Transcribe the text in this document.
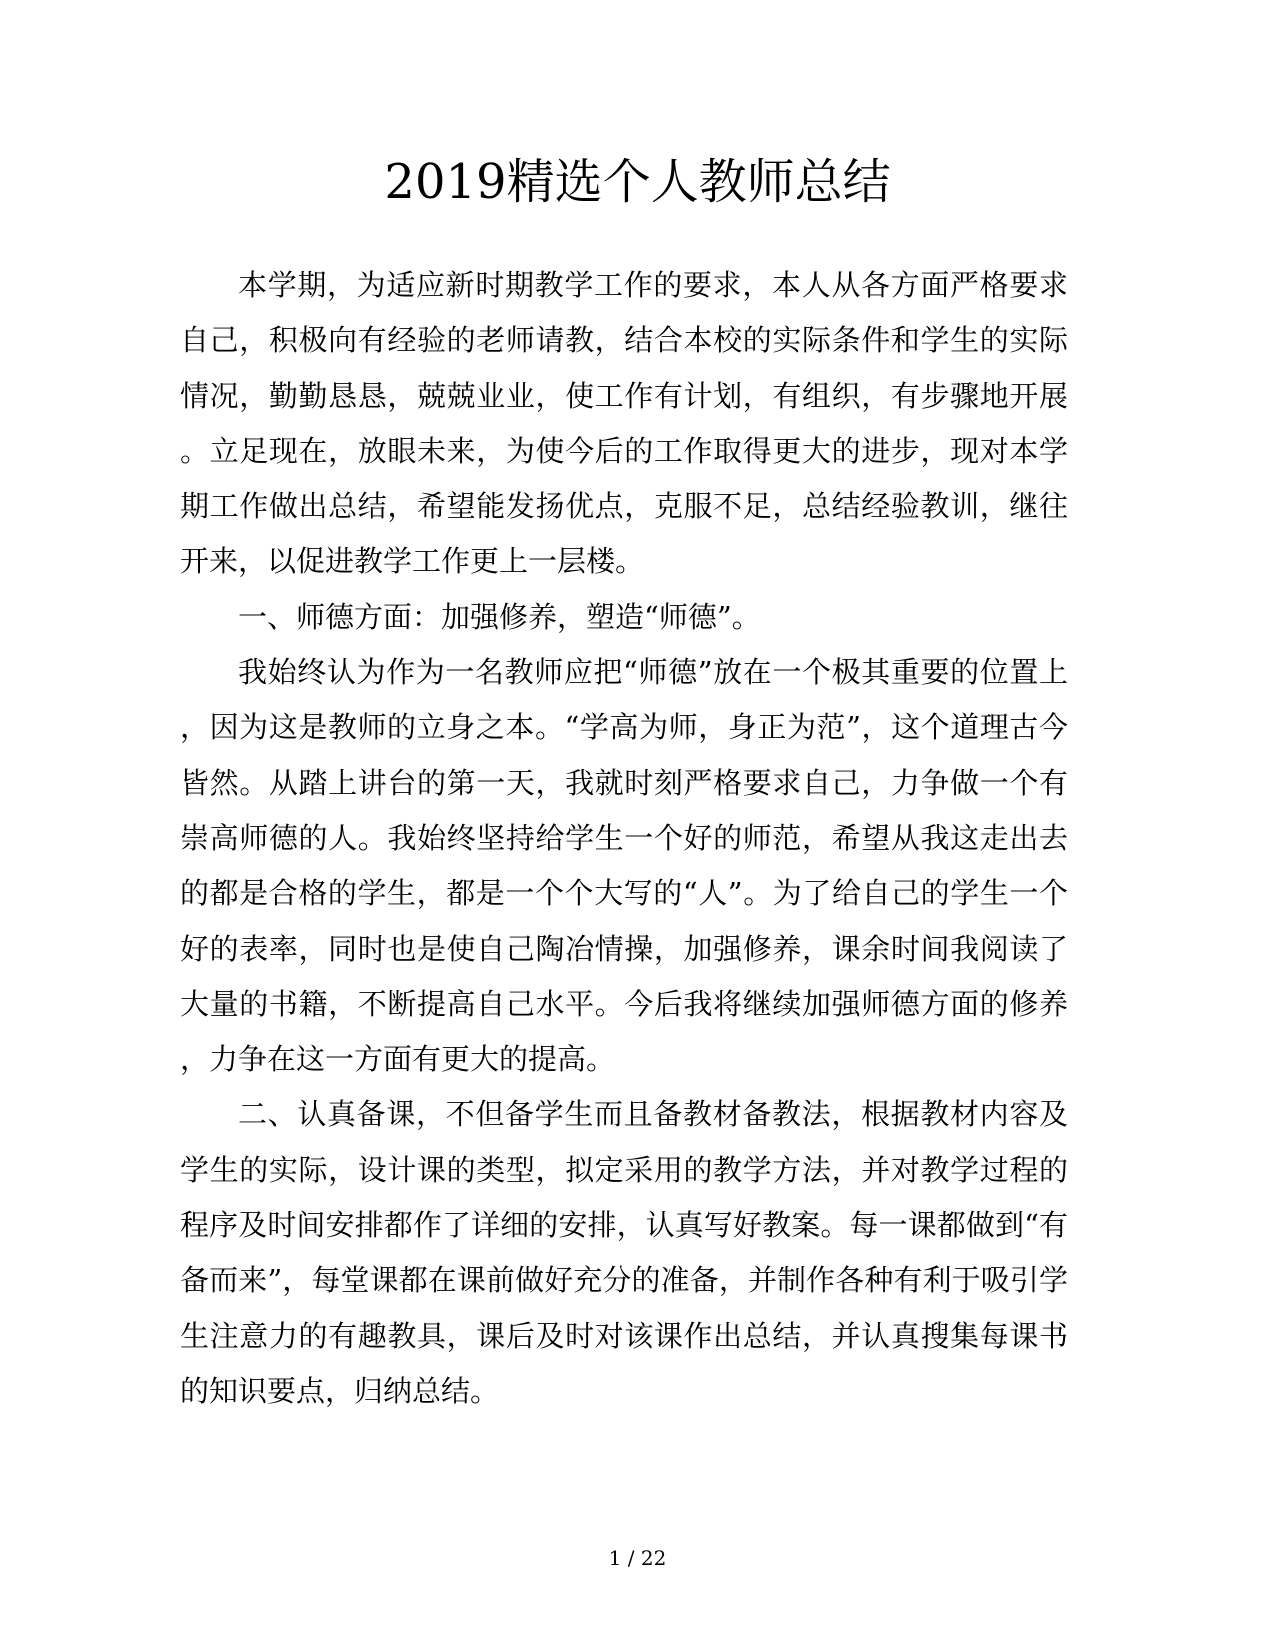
2019精选个人教师总结

本学期，为适应新时期教学工作的要求，本人从各方面严格要求自己，积极向有经验的老师请教，结合本校的实际条件和学生的实际情况，勤勤恳恳，兢兢业业，使工作有计划，有组织，有步骤地开展。立足现在，放眼未来，为使今后的工作取得更大的进步，现对本学期工作做出总结，希望能发扬优点，克服不足，总结经验教训，继往开来，以促进教学工作更上一层楼。

一、师德方面：加强修养，塑造“师德”。

我始终认为作为一名教师应把“师德”放在一个极其重要的位置上，因为这是教师的立身之本。“学高为师，身正为范”，这个道理古今皆然。从踏上讲台的第一天，我就时刻严格要求自己，力争做一个有崇高师德的人。我始终坚持给学生一个好的师范，希望从我这走出去的都是合格的学生，都是一个个大写的“人”。为了给自己的学生一个好的表率，同时也是使自己陶冶情操，加强修养，课余时间我阅读了大量的书籍，不断提高自己水平。今后我将继续加强师德方面的修养，力争在这一方面有更大的提高。

二、认真备课，不但备学生而且备教材备教法，根据教材内容及学生的实际，设计课的类型，拟定采用的教学方法，并对教学过程的程序及时间安排都作了详细的安排，认真写好教案。每一课都做到“有备而来”，每堂课都在课前做好充分的准备，并制作各种有利于吸引学生注意力的有趣教具，课后及时对该课作出总结，并认真搜集每课书的知识要点，归纳总结。

1 / 22
